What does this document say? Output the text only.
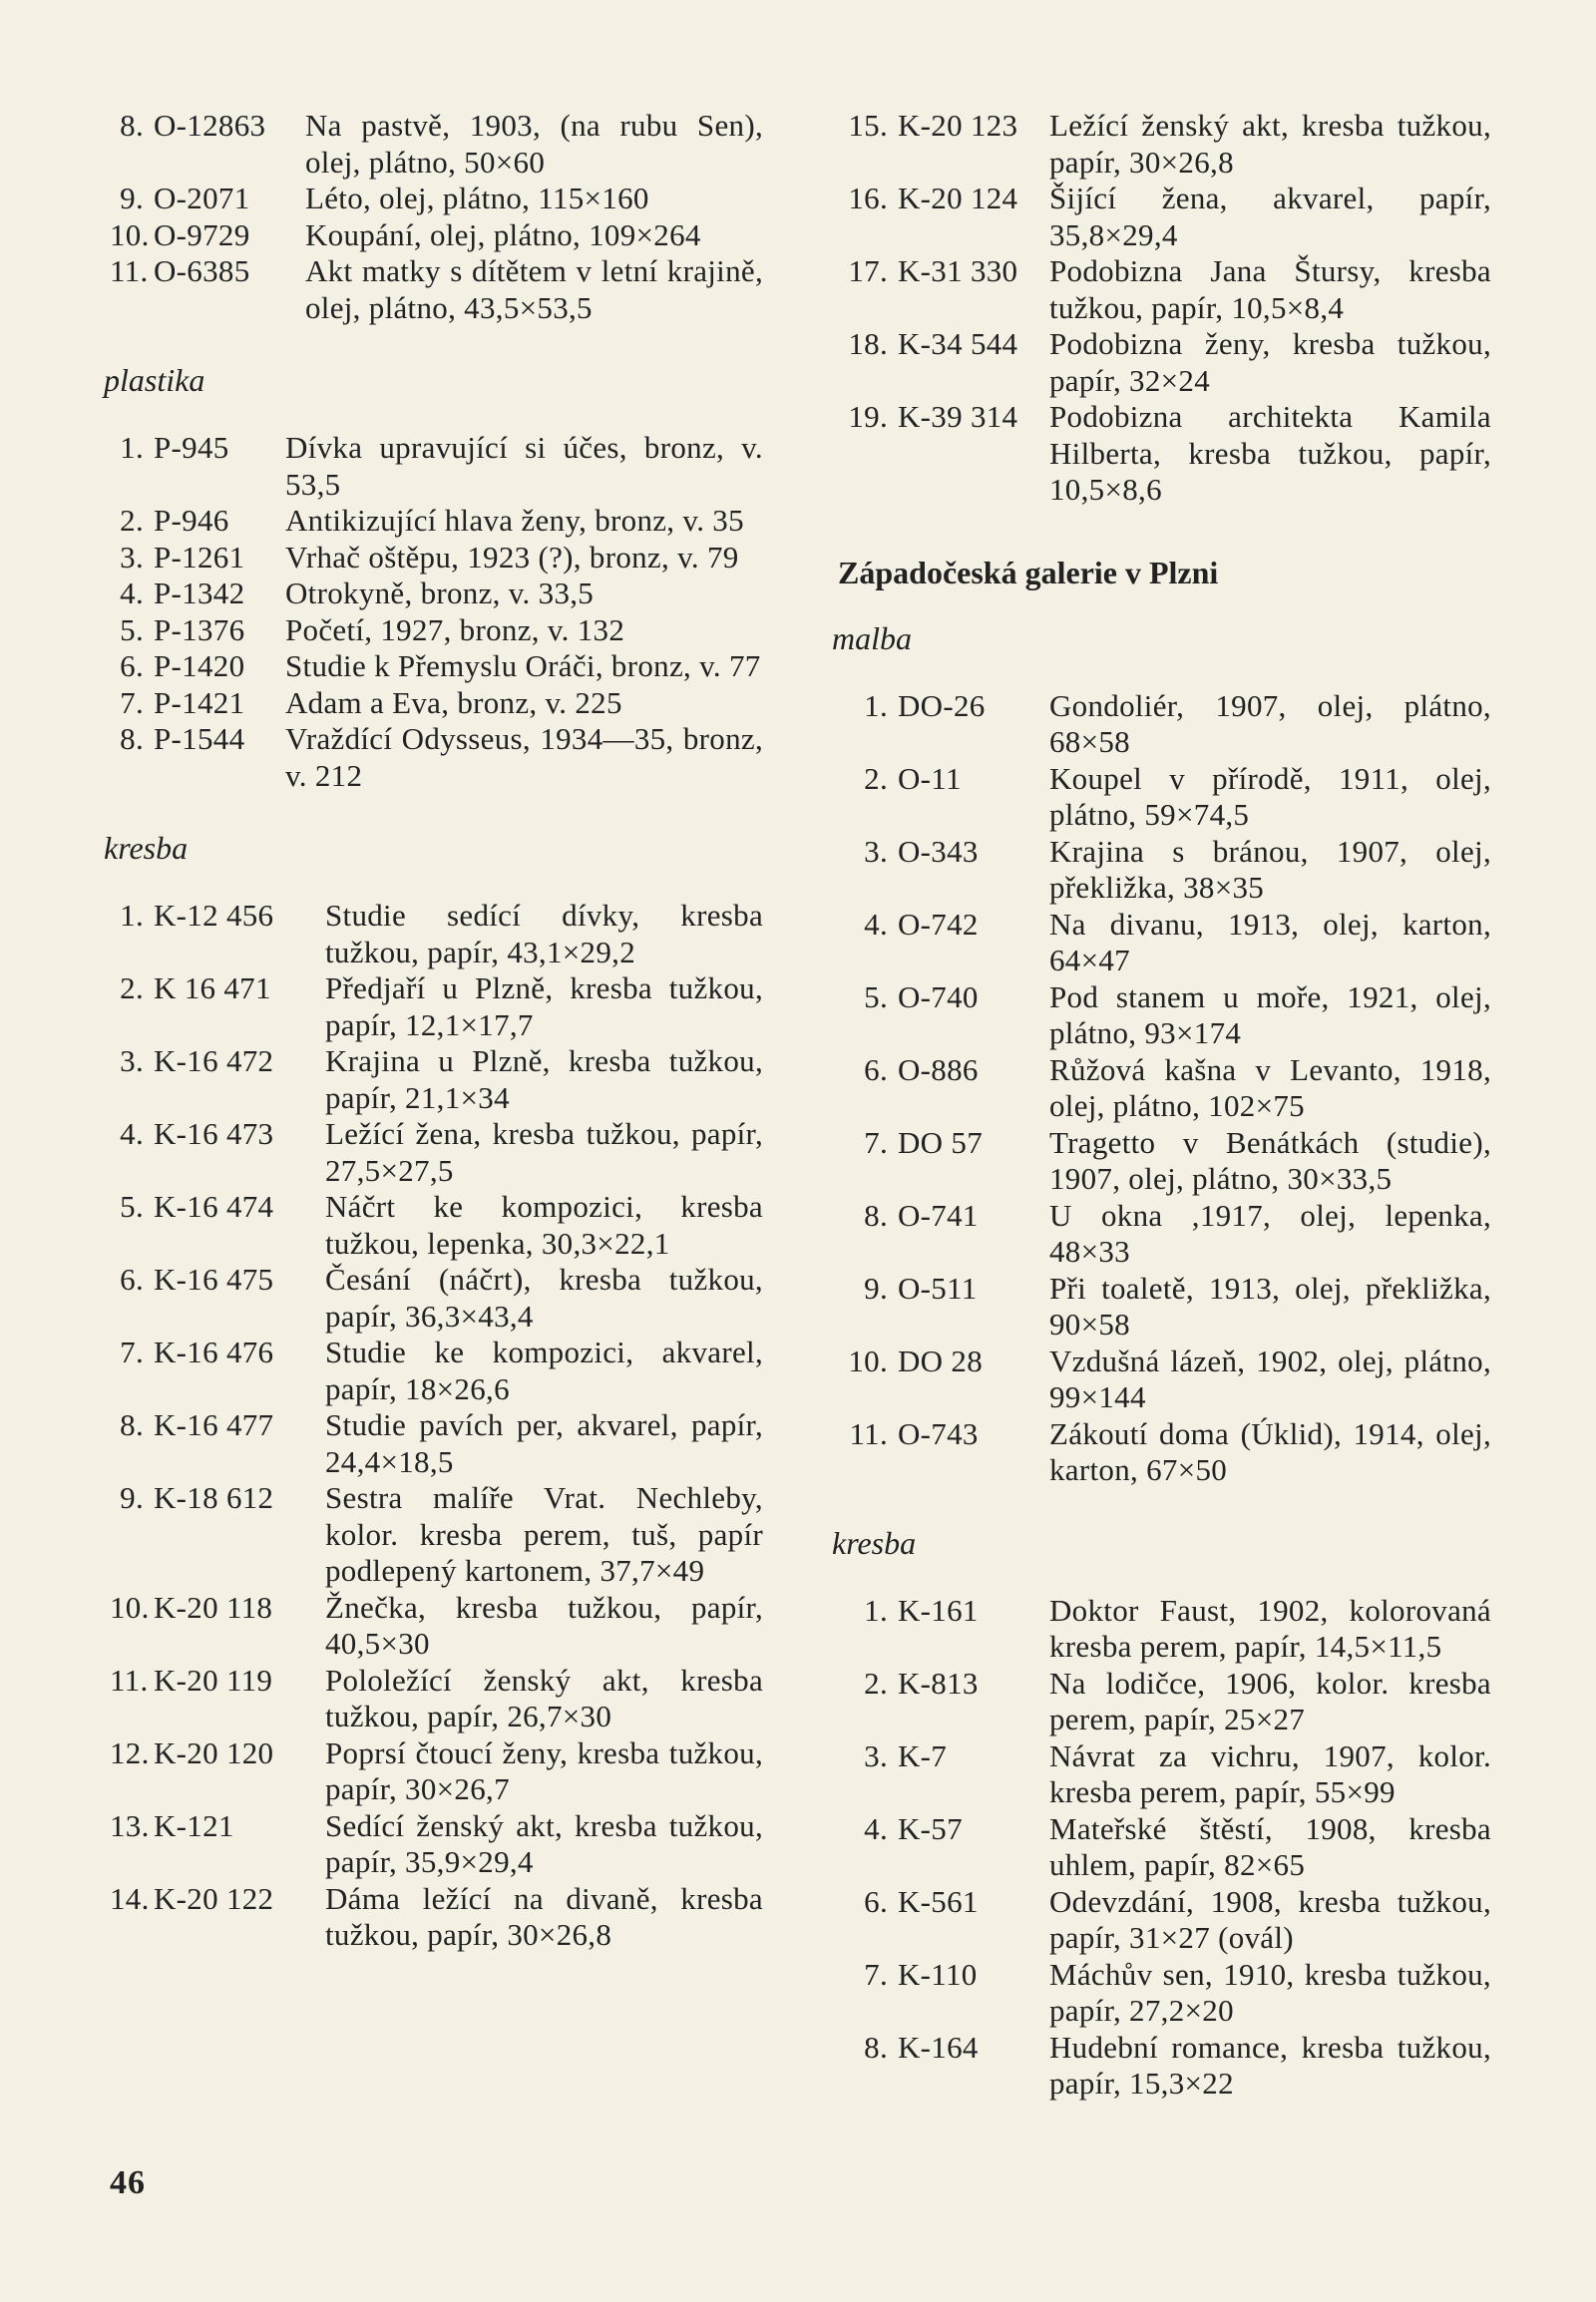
8. O-12863	Na pastvě, 1903, (na rubu Sen), olej, plátno, 50×60
9. O-2071	Léto, olej, plátno, 115×160
10. O-9729	Koupání, olej, plátno, 109×264
11. O-6385	Akt matky s dítětem v letní krajině, olej, plátno, 43,5×53,5
plastika
1. P-945	Dívka upravující si účes, bronz, v. 53,5
2. P-946	Antikizující hlava ženy, bronz, v. 35
3. P-1261	Vrhač oštěpu, 1923 (?), bronz, v. 79
4. P-1342	Otrokyně, bronz, v. 33,5
5. P-1376	Početí, 1927, bronz, v. 132
6. P-1420	Studie k Přemyslu Oráči, bronz, v. 77
7. P-1421	Adam a Eva, bronz, v. 225
8. P-1544	Vraždící Odysseus, 1934—35, bronz, v. 212
kresba
1. K-12 456	Studie sedící dívky, kresba tužkou, papír, 43,1×29,2
2. K 16 471	Předjaří u Plzně, kresba tužkou, papír, 12,1×17,7
3. K-16 472	Krajina u Plzně, kresba tužkou, papír, 21,1×34
4. K-16 473	Ležící žena, kresba tužkou, papír, 27,5×27,5
5. K-16 474	Náčrt ke kompozici, kresba tužkou, lepenka, 30,3×22,1
6. K-16 475	Česání (náčrt), kresba tužkou, papír, 36,3×43,4
7. K-16 476	Studie ke kompozici, akvarel, papír, 18×26,6
8. K-16 477	Studie pavích per, akvarel, papír, 24,4×18,5
9. K-18 612	Sestra malíře Vrat. Nechleby, kolor. kresba perem, tuš, papír podlepený kartonem, 37,7×49
10. K-20 118	Žnečka, kresba tužkou, papír, 40,5×30
11. K-20 119	Pololežící ženský akt, kresba tužkou, papír, 26,7×30
12. K-20 120	Poprsí čtoucí ženy, kresba tužkou, papír, 30×26,7
13. K-121	Sedící ženský akt, kresba tužkou, papír, 35,9×29,4
14. K-20 122	Dáma ležící na divaně, kresba tužkou, papír, 30×26,8
15. K-20 123	Ležící ženský akt, kresba tužkou, papír, 30×26,8
16. K-20 124	Šijící žena, akvarel, papír, 35,8×29,4
17. K-31 330	Podobizna Jana Štursy, kresba tužkou, papír, 10,5×8,4
18. K-34 544	Podobizna ženy, kresba tužkou, papír, 32×24
19. K-39 314	Podobizna architekta Kamila Hilberta, kresba tužkou, papír, 10,5×8,6
Západočeská galerie v Plzni
malba
1. DO-26	Gondoliér, 1907, olej, plátno, 68×58
2. O-11	Koupel v přírodě, 1911, olej, plátno, 59×74,5
3. O-343	Krajina s bránou, 1907, olej, překližka, 38×35
4. O-742	Na divanu, 1913, olej, karton, 64×47
5. O-740	Pod stanem u moře, 1921, olej, plátno, 93×174
6. O-886	Růžová kašna v Levanto, 1918, olej, plátno, 102×75
7. DO 57	Tragetto v Benátkách (studie), 1907, olej, plátno, 30×33,5
8. O-741	U okna ,1917, olej, lepenka, 48×33
9. O-511	Při toaletě, 1913, olej, překližka, 90×58
10. DO 28	Vzdušná lázeň, 1902, olej, plátno, 99×144
11. O-743	Zákoutí doma (Úklid), 1914, olej, karton, 67×50
kresba
1. K-161	Doktor Faust, 1902, kolorovaná kresba perem, papír, 14,5×11,5
2. K-813	Na lodičce, 1906, kolor. kresba perem, papír, 25×27
3. K-7	Návrat za vichru, 1907, kolor. kresba perem, papír, 55×99
4. K-57	Mateřské štěstí, 1908, kresba uhlem, papír, 82×65
6. K-561	Odevzdání, 1908, kresba tužkou, papír, 31×27 (ovál)
7. K-110	Máchův sen, 1910, kresba tužkou, papír, 27,2×20
8. K-164	Hudební romance, kresba tužkou, papír, 15,3×22
46
